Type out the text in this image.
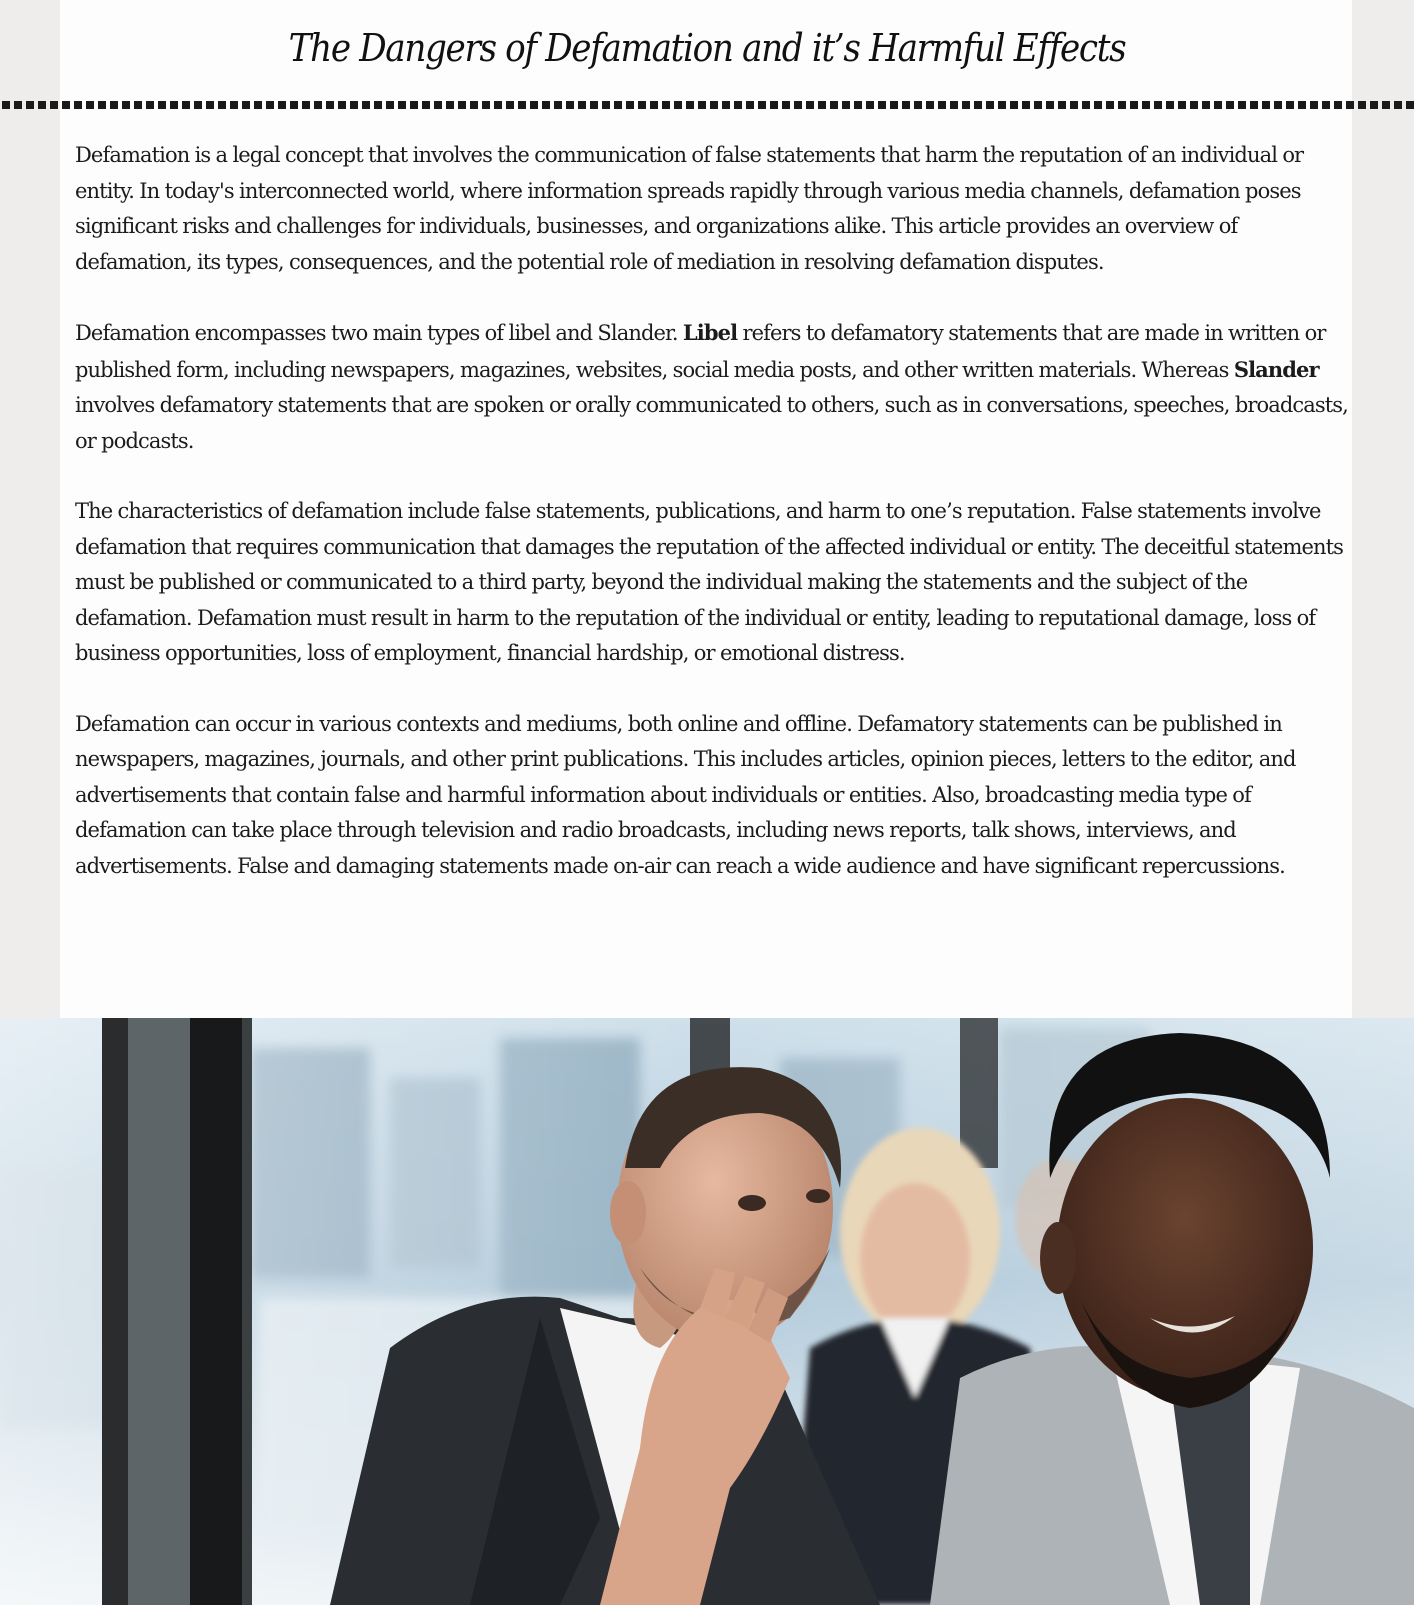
The Dangers of Defamation and it’s Harmful Effects

Defamation is a legal concept that involves the communication of false statements that harm the reputation of an individual or entity. In today's interconnected world, where information spreads rapidly through various media channels, defamation poses significant risks and challenges for individuals, businesses, and organizations alike. This article provides an overview of defamation, its types, consequences, and the potential role of mediation in resolving defamation disputes.

Defamation encompasses two main types of libel and Slander. Libel refers to defamatory statements that are made in written or published form, including newspapers, magazines, websites, social media posts, and other written materials. Whereas Slander involves defamatory statements that are spoken or orally communicated to others, such as in conversations, speeches, broadcasts, or podcasts.

The characteristics of defamation include false statements, publications, and harm to one’s reputation. False statements involve defamation that requires communication that damages the reputation of the affected individual or entity. The deceitful statements must be published or communicated to a third party, beyond the individual making the statements and the subject of the defamation. Defamation must result in harm to the reputation of the individual or entity, leading to reputational damage, loss of business opportunities, loss of employment, financial hardship, or emotional distress.

Defamation can occur in various contexts and mediums, both online and offline. Defamatory statements can be published in newspapers, magazines, journals, and other print publications. This includes articles, opinion pieces, letters to the editor, and advertisements that contain false and harmful information about individuals or entities. Also, broadcasting media type of defamation can take place through television and radio broadcasts, including news reports, talk shows, interviews, and advertisements. False and damaging statements made on-air can reach a wide audience and have significant repercussions.
